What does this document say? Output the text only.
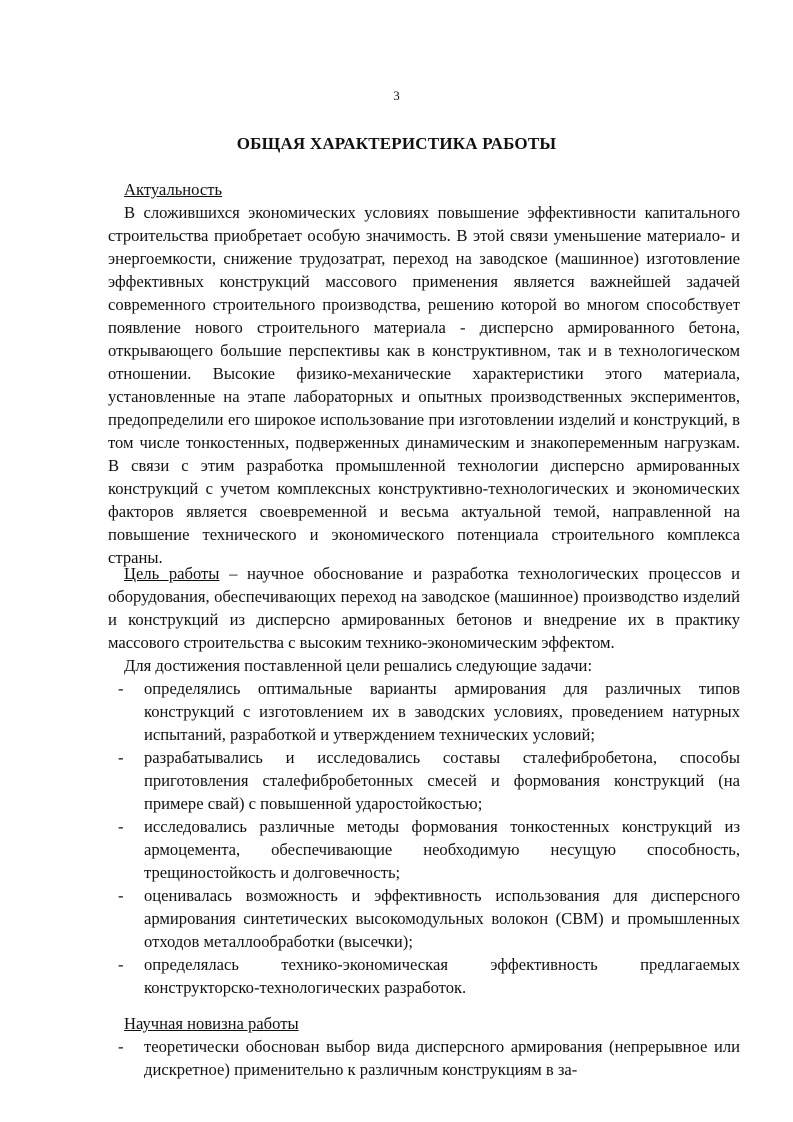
3
ОБЩАЯ ХАРАКТЕРИСТИКА РАБОТЫ

Актуальность

В сложившихся экономических условиях повышение эффективности капитального строительства приобретает особую значимость. В этой связи уменьшение материало- и энергоемкости, снижение трудозатрат, переход на заводское (машинное) изготовление эффективных конструкций массового применения является важнейшей задачей современного строительного производства, решению которой во многом способствует появление нового строительного материала - дисперсно армированного бетона, открывающего большие перспективы как в конструктивном, так и в технологическом отношении. Высокие физико-механические характеристики этого материала, установленные на этапе лабораторных и опытных производственных экспериментов, предопределили его широкое использование при изготовлении изделий и конструкций, в том числе тонкостенных, подверженных динамическим и знакопеременным нагрузкам. В связи с этим разработка промышленной технологии дисперсно армированных конструкций с учетом комплексных конструктивно-технологических и экономических факторов является своевременной и весьма актуальной темой, направленной на повышение технического и экономического потенциала строительного комплекса страны.

Цель работы – научное обоснование и разработка технологических процессов и оборудования, обеспечивающих переход на заводское (машинное) производство изделий и конструкций из дисперсно армированных бетонов и внедрение их в практику массового строительства с высоким технико-экономическим эффектом.

Для достижения поставленной цели решались следующие задачи:

- определялись оптимальные варианты армирования для различных типов конструкций с изготовлением их в заводских условиях, проведением натурных испытаний, разработкой и утверждением технических условий;
- разрабатывались и исследовались составы сталефибробетона, способы приготовления сталефибробетонных смесей и формования конструкций (на примере свай) с повышенной ударостойкостью;
- исследовались различные методы формования тонкостенных конструкций из армоцемента, обеспечивающие необходимую несущую способность, трещиностойкость и долговечность;
- оценивалась возможность и эффективность использования для дисперсного армирования синтетических высокомодульных волокон (СВМ) и промышленных отходов металлообработки (высечки);
- определялась технико-экономическая эффективность предлагаемых конструкторско-технологических разработок.

Научная новизна работы

- теоретически обоснован выбор вида дисперсного армирования (непрерывное или дискретное) применительно к различным конструкциям в за-
